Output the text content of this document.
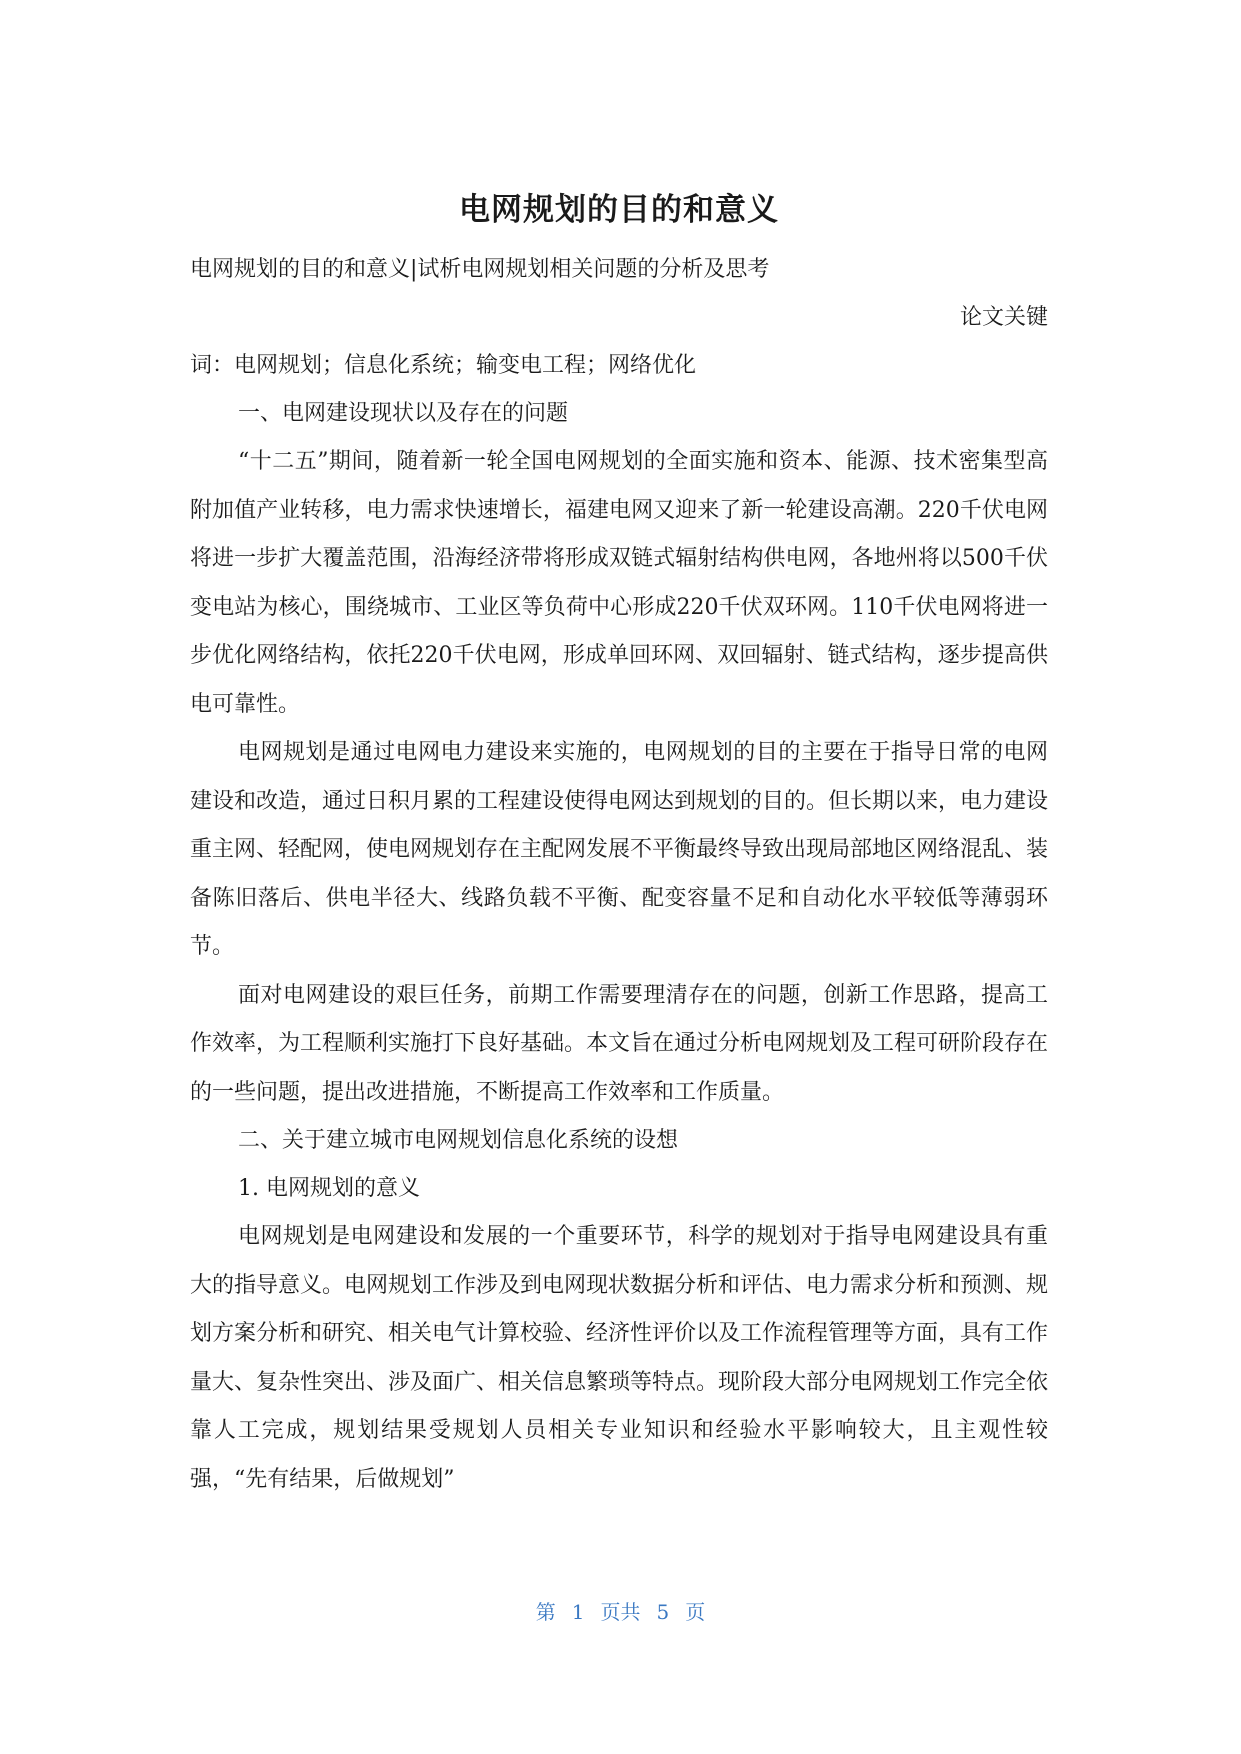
电网规划的目的和意义

电网规划的目的和意义|试析电网规划相关问题的分析及思考

论文关键

词：电网规划；信息化系统；输变电工程；网络优化

一、电网建设现状以及存在的问题

“十二五”期间，随着新一轮全国电网规划的全面实施和资本、能源、技术密集型高附加值产业转移，电力需求快速增长，福建电网又迎来了新一轮建设高潮。220千伏电网将进一步扩大覆盖范围，沿海经济带将形成双链式辐射结构供电网，各地州将以500千伏变电站为核心，围绕城市、工业区等负荷中心形成220千伏双环网。110千伏电网将进一步优化网络结构，依托220千伏电网，形成单回环网、双回辐射、链式结构，逐步提高供电可靠性。

电网规划是通过电网电力建设来实施的，电网规划的目的主要在于指导日常的电网建设和改造，通过日积月累的工程建设使得电网达到规划的目的。但长期以来，电力建设重主网、轻配网，使电网规划存在主配网发展不平衡最终导致出现局部地区网络混乱、装备陈旧落后、供电半径大、线路负载不平衡、配变容量不足和自动化水平较低等薄弱环节。

面对电网建设的艰巨任务，前期工作需要理清存在的问题，创新工作思路，提高工作效率，为工程顺利实施打下良好基础。本文旨在通过分析电网规划及工程可研阶段存在的一些问题，提出改进措施，不断提高工作效率和工作质量。

二、关于建立城市电网规划信息化系统的设想

1. 电网规划的意义

电网规划是电网建设和发展的一个重要环节，科学的规划对于指导电网建设具有重大的指导意义。电网规划工作涉及到电网现状数据分析和评估、电力需求分析和预测、规划方案分析和研究、相关电气计算校验、经济性评价以及工作流程管理等方面，具有工作量大、复杂性突出、涉及面广、相关信息繁琐等特点。现阶段大部分电网规划工作完全依靠人工完成，规划结果受规划人员相关专业知识和经验水平影响较大，且主观性较强，“先有结果，后做规划”

第 1 页共 5 页
